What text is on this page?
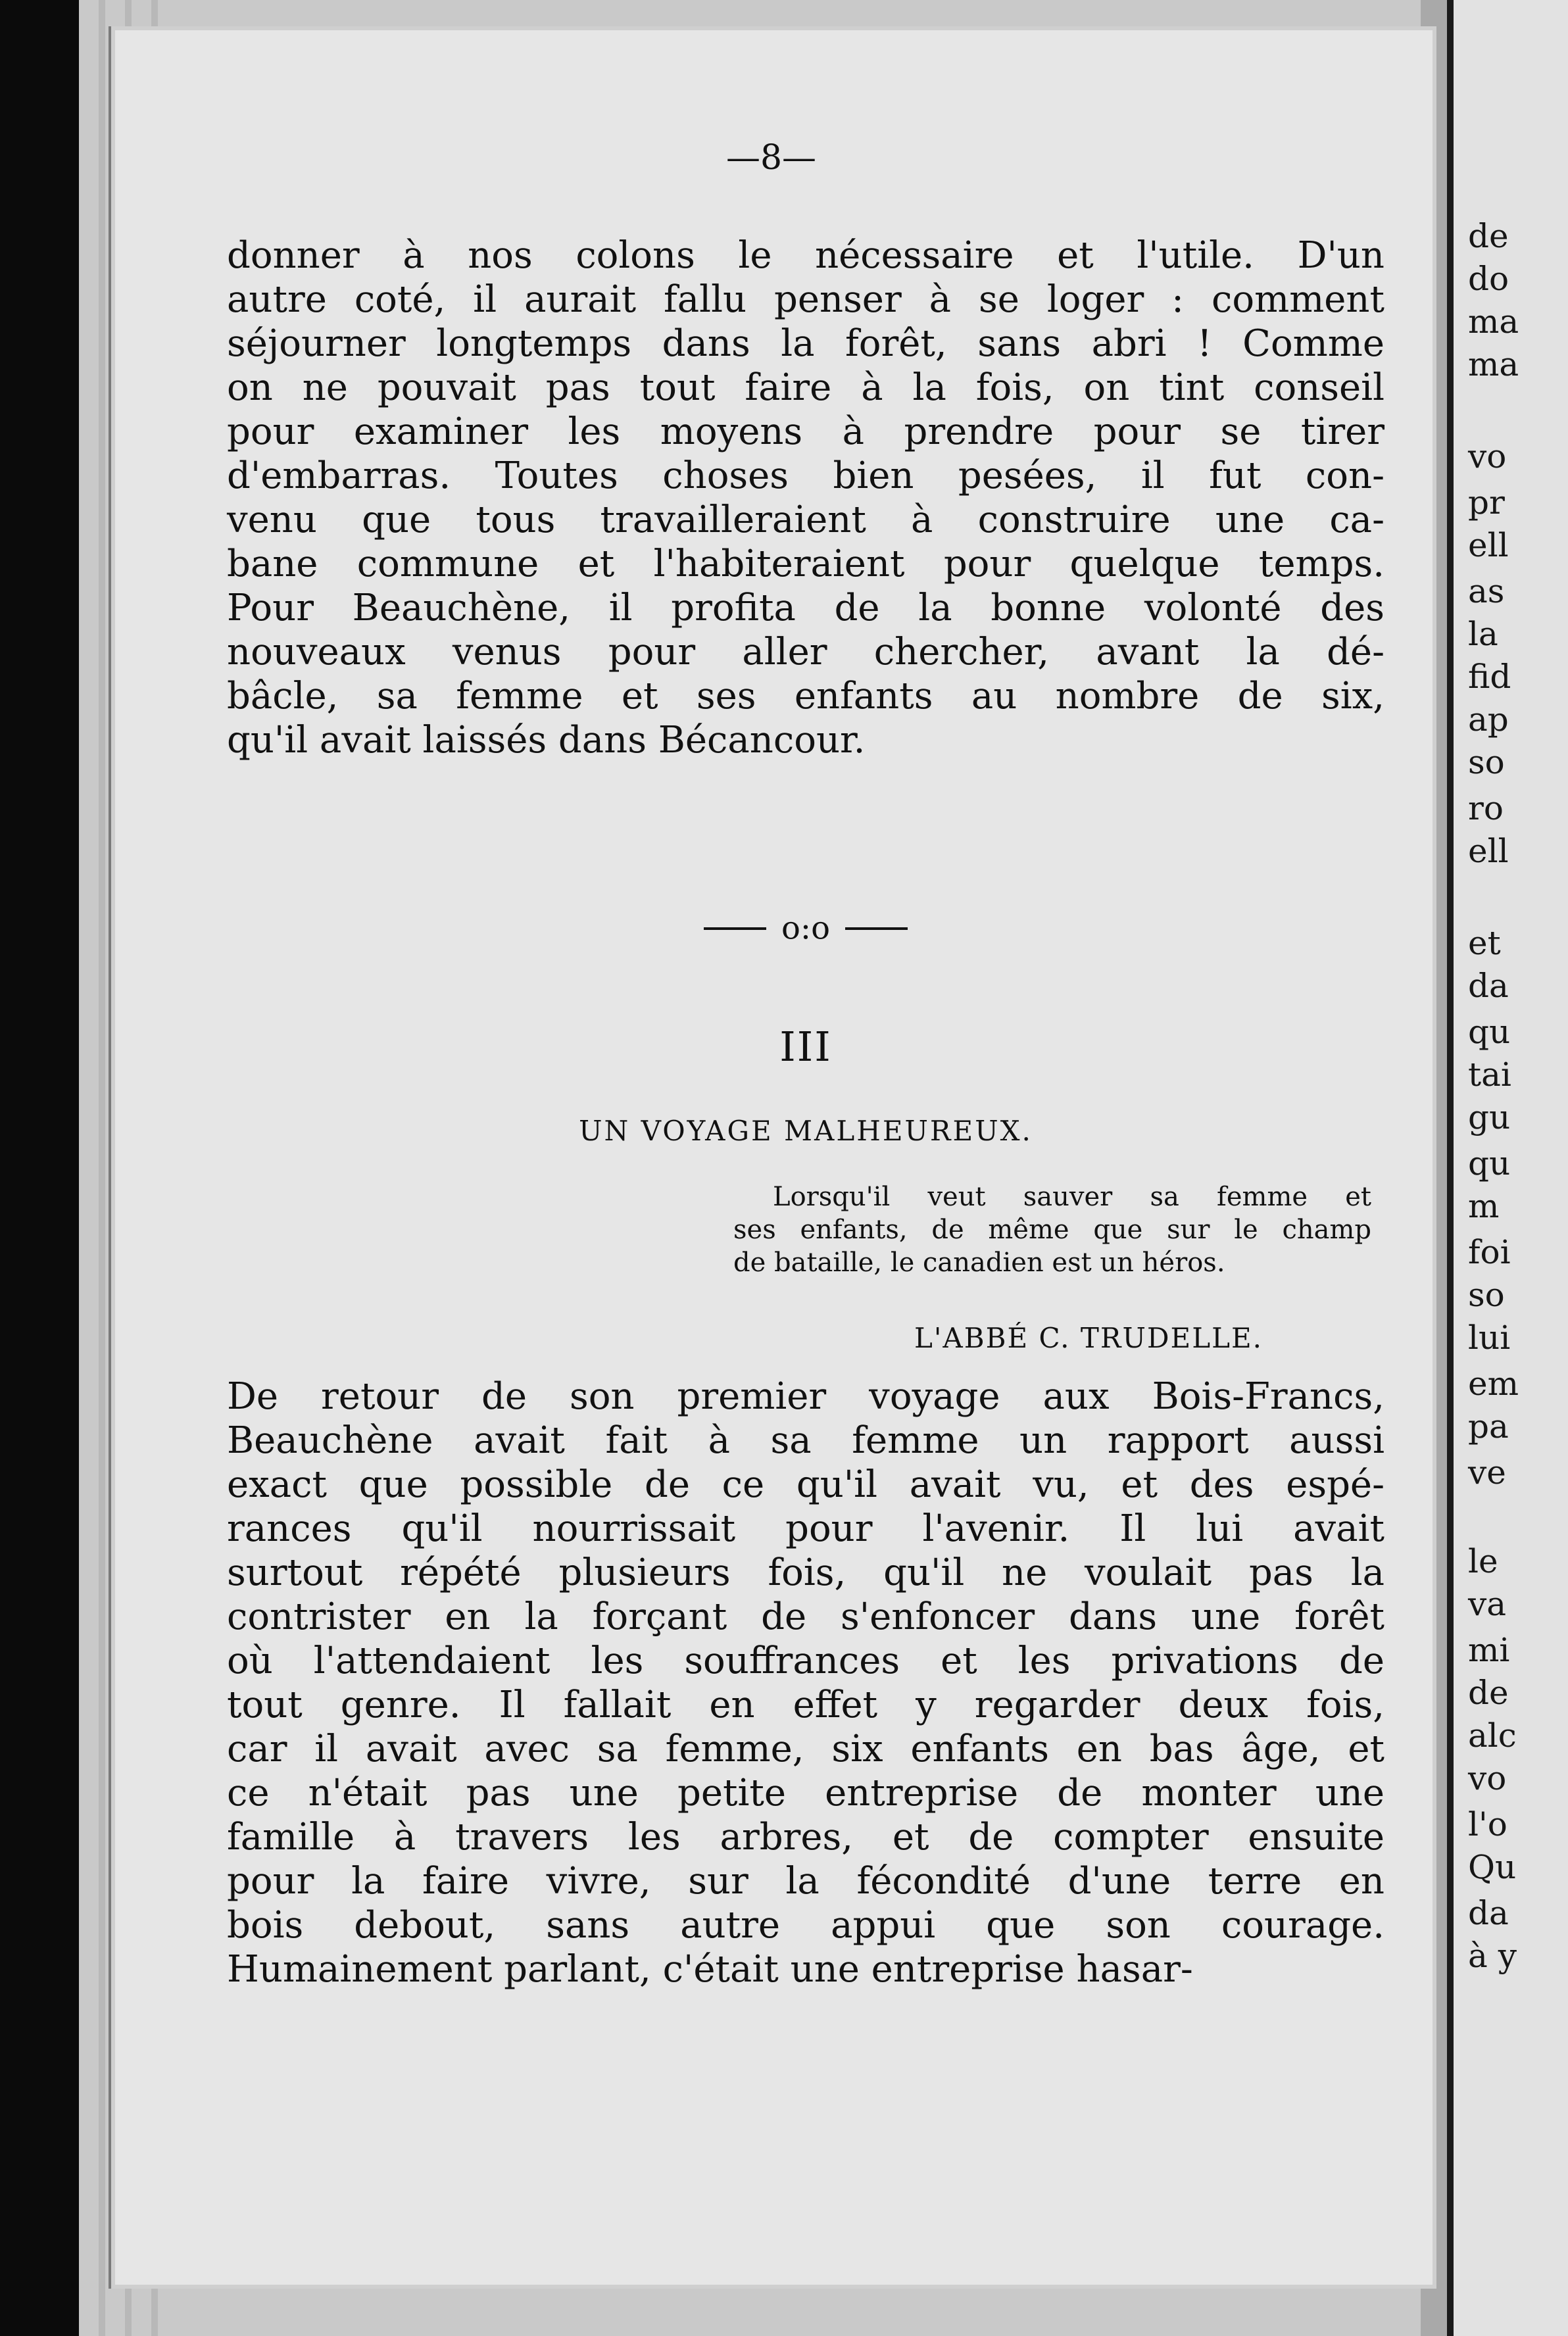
de
do
ma
ma
vo
pr
ell
as
la
fid
ap
so
ro
ell
et
da
qu
tai
gu
qu
m
foi
so
lui
em
pa
ve
le
va
mi
de
alc
vo
l'o
Qu
da
à y
—8—

donner à nos colons le nécessaire et l'utile. D'un

autre coté, il aurait fallu penser à se loger : comment

séjourner longtemps dans la forêt, sans abri ! Comme

on ne pouvait pas tout faire à la fois, on tint conseil

pour examiner les moyens à prendre pour se tirer

d'embarras. Toutes choses bien pesées, il fut con-

venu que tous travailleraient à construire une ca-

bane commune et l'habiteraient pour quelque temps.

Pour Beauchène, il profita de la bonne volonté des

nouveaux venus pour aller chercher, avant la dé-

bâcle, sa femme et ses enfants au nombre de six,

qu'il avait laissés dans Bécancour.

o:o
III
UN VOYAGE MALHEUREUX.

Lorsqu'il veut sauver sa femme et

ses enfants, de même que sur le champ

de bataille, le canadien est un héros.

L'ABBÉ C. TRUDELLE.

De retour de son premier voyage aux Bois-Francs,

Beauchène avait fait à sa femme un rapport aussi

exact que possible de ce qu'il avait vu, et des espé-

rances qu'il nourrissait pour l'avenir. Il lui avait

surtout répété plusieurs fois, qu'il ne voulait pas la

contrister en la forçant de s'enfoncer dans une forêt

où l'attendaient les souffrances et les privations de

tout genre. Il fallait en effet y regarder deux fois,

car il avait avec sa femme, six enfants en bas âge, et

ce n'était pas une petite entreprise de monter une

famille à travers les arbres, et de compter ensuite

pour la faire vivre, sur la fécondité d'une terre en

bois debout, sans autre appui que son courage.

Humainement parlant, c'était une entreprise hasar-
